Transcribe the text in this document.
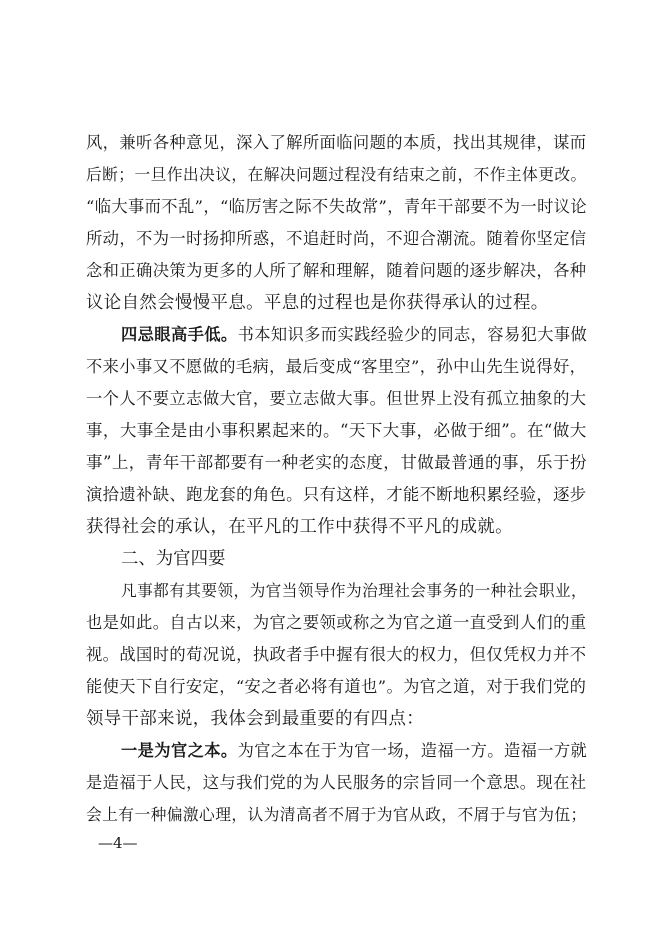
风，兼听各种意见，深入了解所面临问题的本质，找出其规律，谋而
后断；一旦作出决议，在解决问题过程没有结束之前，不作主体更改。
“临大事而不乱”，“临厉害之际不失故常”，青年干部要不为一时议论
所动，不为一时扬抑所惑，不追赶时尚，不迎合潮流。随着你坚定信
念和正确决策为更多的人所了解和理解，随着问题的逐步解决，各种
议论自然会慢慢平息。平息的过程也是你获得承认的过程。
四忌眼高手低。书本知识多而实践经验少的同志，容易犯大事做
不来小事又不愿做的毛病，最后变成“客里空”，孙中山先生说得好，
一个人不要立志做大官，要立志做大事。但世界上没有孤立抽象的大
事，大事全是由小事积累起来的。“天下大事，必做于细”。在“做大
事”上，青年干部都要有一种老实的态度，甘做最普通的事，乐于扮
演拾遗补缺、跑龙套的角色。只有这样，才能不断地积累经验，逐步
获得社会的承认，在平凡的工作中获得不平凡的成就。
二、为官四要
凡事都有其要领，为官当领导作为治理社会事务的一种社会职业，
也是如此。自古以来，为官之要领或称之为官之道一直受到人们的重
视。战国时的荀况说，执政者手中握有很大的权力，但仅凭权力并不
能使天下自行安定，“安之者必将有道也”。为官之道，对于我们党的
领导干部来说，我体会到最重要的有四点：
一是为官之本。为官之本在于为官一场，造福一方。造福一方就
是造福于人民，这与我们党的为人民服务的宗旨同一个意思。现在社
会上有一种偏激心理，认为清高者不屑于为官从政，不屑于与官为伍；
—4—
